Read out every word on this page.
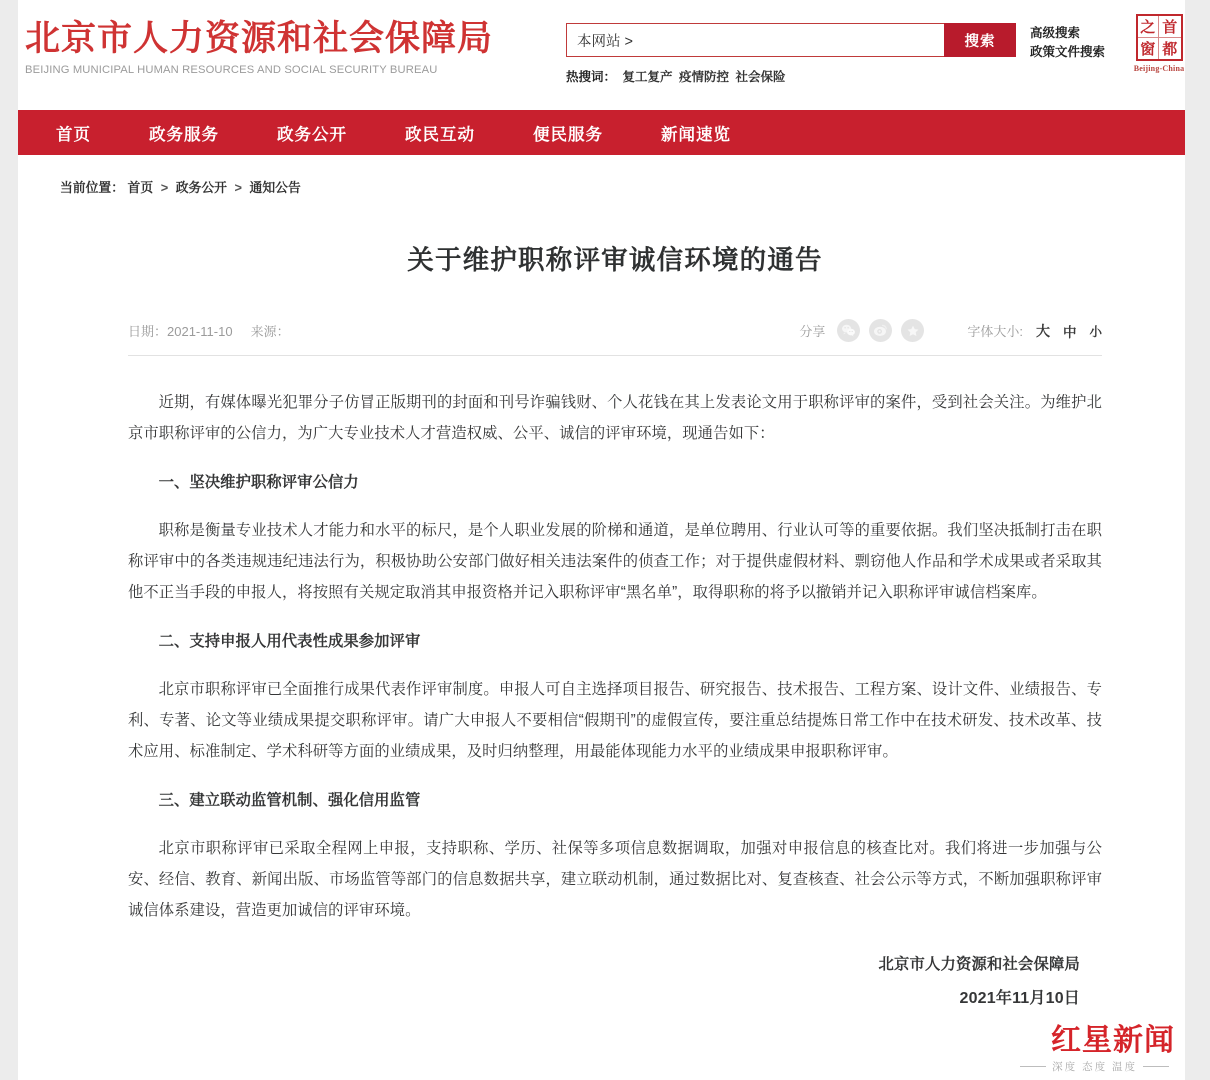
北京市人力资源和社会保障局
BEIJING MUNICIPAL HUMAN RESOURCES AND SOCIAL SECURITY BUREAU
本网站 >
搜索
热搜词： 复工复产 疫情防控 社会保险
高级搜索
政策文件搜索
之 首
窗 都
Beijing-China
首页	政务服务	政务公开	政民互动	便民服务	新闻速览
当前位置： 首页 > 政务公开 > 通知公告
关于维护职称评审诚信环境的通告
日期：2021-11-10 来源：	分享	字体大小: 大 中 小

近期，有媒体曝光犯罪分子仿冒正版期刊的封面和刊号诈骗钱财、个人花钱在其上发表论文用于职称评审的案件，受到社会关注。为维护北京市职称评审的公信力，为广大专业技术人才营造权威、公平、诚信的评审环境，现通告如下：

一、坚决维护职称评审公信力

职称是衡量专业技术人才能力和水平的标尺，是个人职业发展的阶梯和通道，是单位聘用、行业认可等的重要依据。我们坚决抵制打击在职称评审中的各类违规违纪违法行为，积极协助公安部门做好相关违法案件的侦查工作；对于提供虚假材料、剽窃他人作品和学术成果或者采取其他不正当手段的申报人，将按照有关规定取消其申报资格并记入职称评审“黑名单”，取得职称的将予以撤销并记入职称评审诚信档案库。

二、支持申报人用代表性成果参加评审

北京市职称评审已全面推行成果代表作评审制度。申报人可自主选择项目报告、研究报告、技术报告、工程方案、设计文件、业绩报告、专利、专著、论文等业绩成果提交职称评审。请广大申报人不要相信“假期刊”的虚假宣传，要注重总结提炼日常工作中在技术研发、技术改革、技术应用、标准制定、学术科研等方面的业绩成果，及时归纳整理，用最能体现能力水平的业绩成果申报职称评审。

三、建立联动监管机制、强化信用监管

北京市职称评审已采取全程网上申报，支持职称、学历、社保等多项信息数据调取，加强对申报信息的核查比对。我们将进一步加强与公安、经信、教育、新闻出版、市场监管等部门的信息数据共享，建立联动机制，通过数据比对、复查核查、社会公示等方式，不断加强职称评审诚信体系建设，营造更加诚信的评审环境。

北京市人力资源和社会保障局
2021年11月10日
红星新闻
深度
态度
温度
